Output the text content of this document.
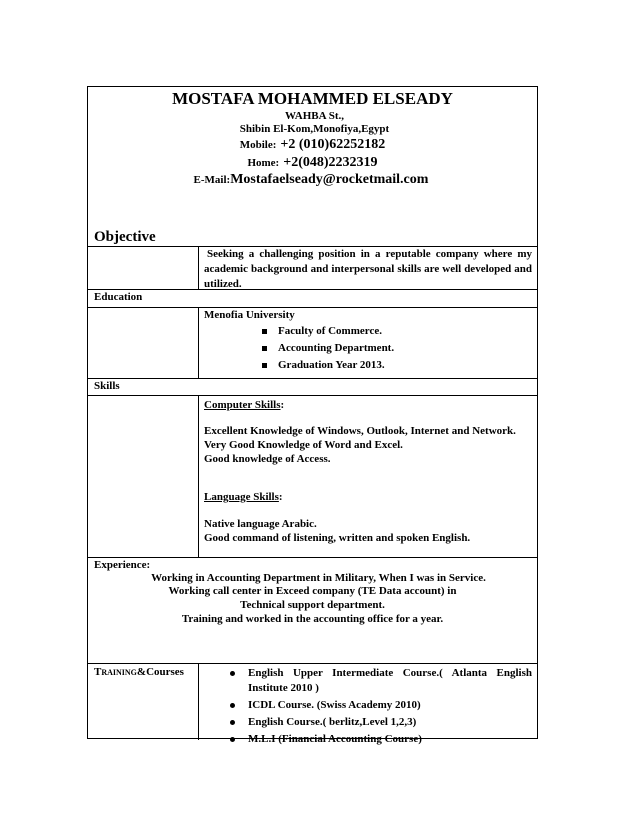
MOSTAFA MOHAMMED ELSEADY
WAHBA St.,
Shibin El-Kom,Monofiya,Egypt
Mobile: +2 (010)62252182
Home: +2(048)2232319
E-Mail:Mostafaelseady@rocketmail.com
Objective
Seeking a challenging position in a reputable company where my academic background and interpersonal skills are well developed and utilized.
Education
Menofia University
Faculty of Commerce.
Accounting Department.
Graduation Year 2013.
Skills
Computer Skills:
Excellent Knowledge of Windows, Outlook, Internet and Network.
Very Good Knowledge of Word and Excel.
Good knowledge of Access.
Language Skills:
Native language Arabic.
Good command of listening, written and spoken English.
Experience:
Working in Accounting Department in Military, When I was in Service.
Working call center in Exceed company (TE Data account) in Technical support department.
Training and worked in the accounting office for a year.
TRAINING&Courses	English Upper Intermediate Course.( Atlanta English Institute 2010 )
ICDL Course. (Swiss Academy 2010)
English Course.( berlitz,Level 1,2,3)
M.L.I (Financial Accounting Course)
